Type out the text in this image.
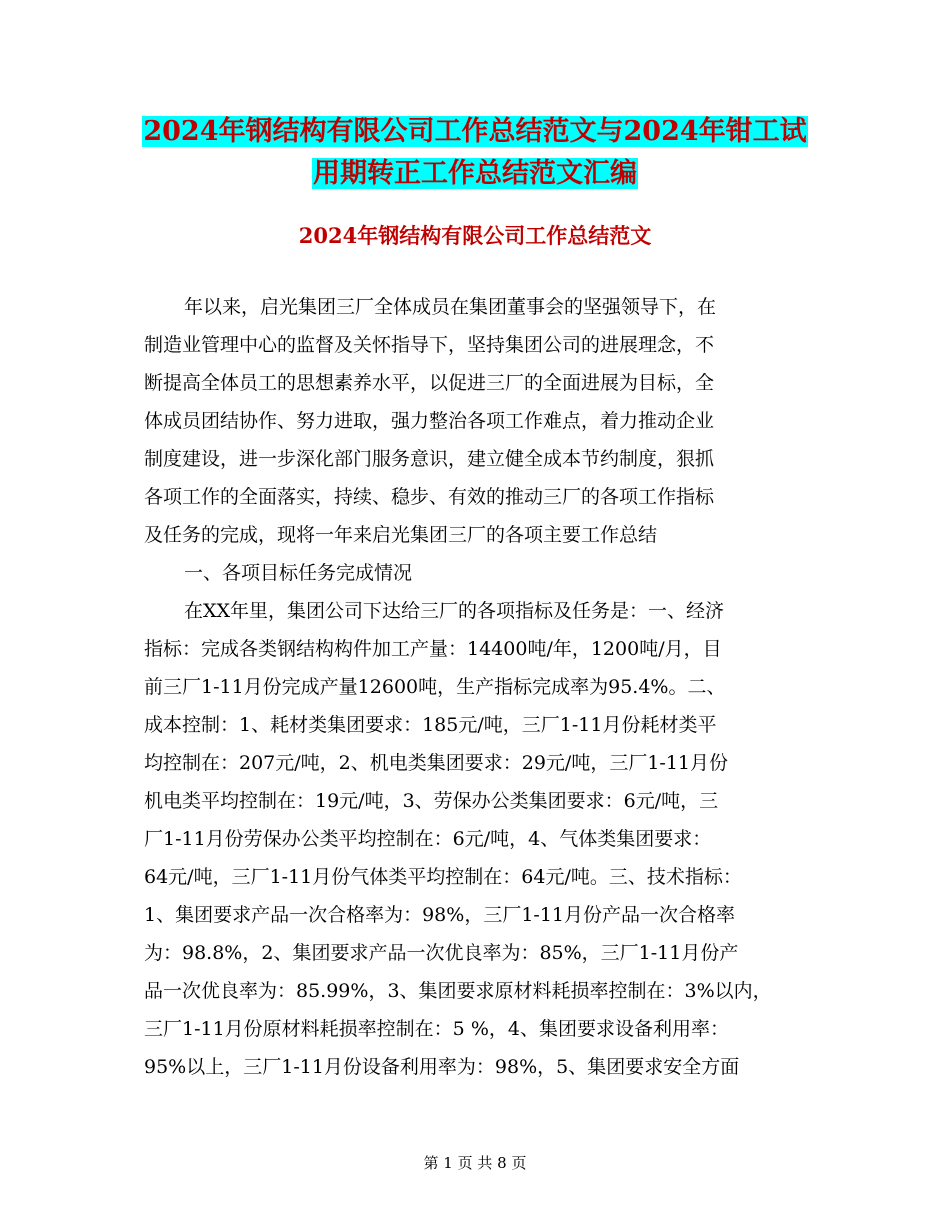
2024年钢结构有限公司工作总结范文与2024年钳工试
用期转正工作总结范文汇编
2024年钢结构有限公司工作总结范文
年以来，启光集团三厂全体成员在集团董事会的坚强领导下，在
制造业管理中心的监督及关怀指导下，坚持集团公司的进展理念，不
断提高全体员工的思想素养水平，以促进三厂的全面进展为目标，全
体成员团结协作、努力进取，强力整治各项工作难点，着力推动企业
制度建设，进一步深化部门服务意识，建立健全成本节约制度，狠抓
各项工作的全面落实，持续、稳步、有效的推动三厂的各项工作指标
及任务的完成，现将一年来启光集团三厂的各项主要工作总结
一、各项目标任务完成情况
在XX年里，集团公司下达给三厂的各项指标及任务是：一、经济
指标：完成各类钢结构构件加工产量：14400吨/年，1200吨/月，目
前三厂1-11月份完成产量12600吨，生产指标完成率为95.4%。二、
成本控制：1、耗材类集团要求：185元/吨，三厂1-11月份耗材类平
均控制在：207元/吨，2、机电类集团要求：29元/吨，三厂1-11月份
机电类平均控制在：19元/吨，3、劳保办公类集团要求：6元/吨，三
厂1-11月份劳保办公类平均控制在：6元/吨，4、气体类集团要求：
64元/吨，三厂1-11月份气体类平均控制在：64元/吨。三、技术指标：
1、集团要求产品一次合格率为：98%，三厂1-11月份产品一次合格率
为：98.8%，2、集团要求产品一次优良率为：85%，三厂1-11月份产
品一次优良率为：85.99%，3、集团要求原材料耗损率控制在：3%以内，
三厂1-11月份原材料耗损率控制在：5 %，4、集团要求设备利用率：
95%以上，三厂1-11月份设备利用率为：98%，5、集团要求安全方面
第 1 页 共 8 页
